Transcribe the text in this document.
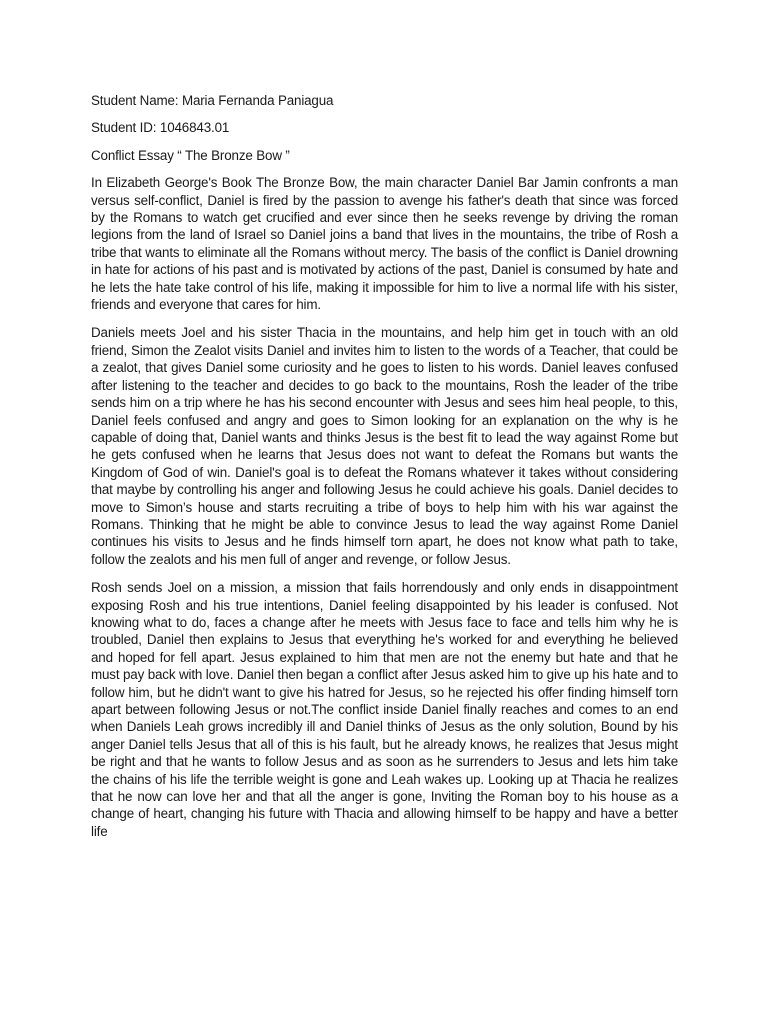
Student Name: Maria Fernanda Paniagua

Student ID: 1046843.01

Conflict Essay “ The Bronze Bow ”

In Elizabeth George's Book The Bronze Bow, the main character Daniel Bar Jamin confronts a man versus self-conflict, Daniel is fired by the passion to avenge his father's death that since was forced by the Romans to watch get crucified and ever since then he seeks revenge by driving the roman legions from the land of Israel so Daniel joins a band that lives in the mountains, the tribe of Rosh a tribe that wants to eliminate all the Romans without mercy. The basis of the conflict is Daniel drowning in hate for actions of his past and is motivated by actions of the past, Daniel is consumed by hate and he lets the hate take control of his life, making it impossible for him to live a normal life with his sister, friends and everyone that cares for him.

Daniels meets Joel and his sister Thacia in the mountains, and help him get in touch with an old friend, Simon the Zealot visits Daniel and invites him to listen to the words of a Teacher, that could be a zealot, that gives Daniel some curiosity and he goes to listen to his words. Daniel leaves confused after listening to the teacher and decides to go back to the mountains, Rosh the leader of the tribe sends him on a trip where he has his second encounter with Jesus and sees him heal people, to this, Daniel feels confused and angry and goes to Simon looking for an explanation on the why is he capable of doing that, Daniel wants and thinks Jesus is the best fit to lead the way against Rome but he gets confused when he learns that Jesus does not want to defeat the Romans but wants the Kingdom of God of win. Daniel's goal is to defeat the Romans whatever it takes without considering that maybe by controlling his anger and following Jesus he could achieve his goals. Daniel decides to move to Simon’s house and starts recruiting a tribe of boys to help him with his war against the Romans. Thinking that he might be able to convince Jesus to lead the way against Rome Daniel continues his visits to Jesus and he finds himself torn apart, he does not know what path to take, follow the zealots and his men full of anger and revenge, or follow Jesus.

Rosh sends Joel on a mission, a mission that fails horrendously and only ends in disappointment exposing Rosh and his true intentions, Daniel feeling disappointed by his leader is confused. Not knowing what to do, faces a change after he meets with Jesus face to face and tells him why he is troubled, Daniel then explains to Jesus that everything he's worked for and everything he believed and hoped for fell apart. Jesus explained to him that men are not the enemy but hate and that he must pay back with love. Daniel then began a conflict after Jesus asked him to give up his hate and to follow him, but he didn't want to give his hatred for Jesus, so he rejected his offer finding himself torn apart between following Jesus or not.The conflict inside Daniel finally reaches and comes to an end when Daniels Leah grows incredibly ill and Daniel thinks of Jesus as the only solution, Bound by his anger Daniel tells Jesus that all of this is his fault, but he already knows, he realizes that Jesus might be right and that he wants to follow Jesus and as soon as he surrenders to Jesus and lets him take the chains of his life the terrible weight is gone and Leah wakes up. Looking up at Thacia he realizes that he now can love her and that all the anger is gone, Inviting the Roman boy to his house as a change of heart, changing his future with Thacia and allowing himself to be happy and have a better life
